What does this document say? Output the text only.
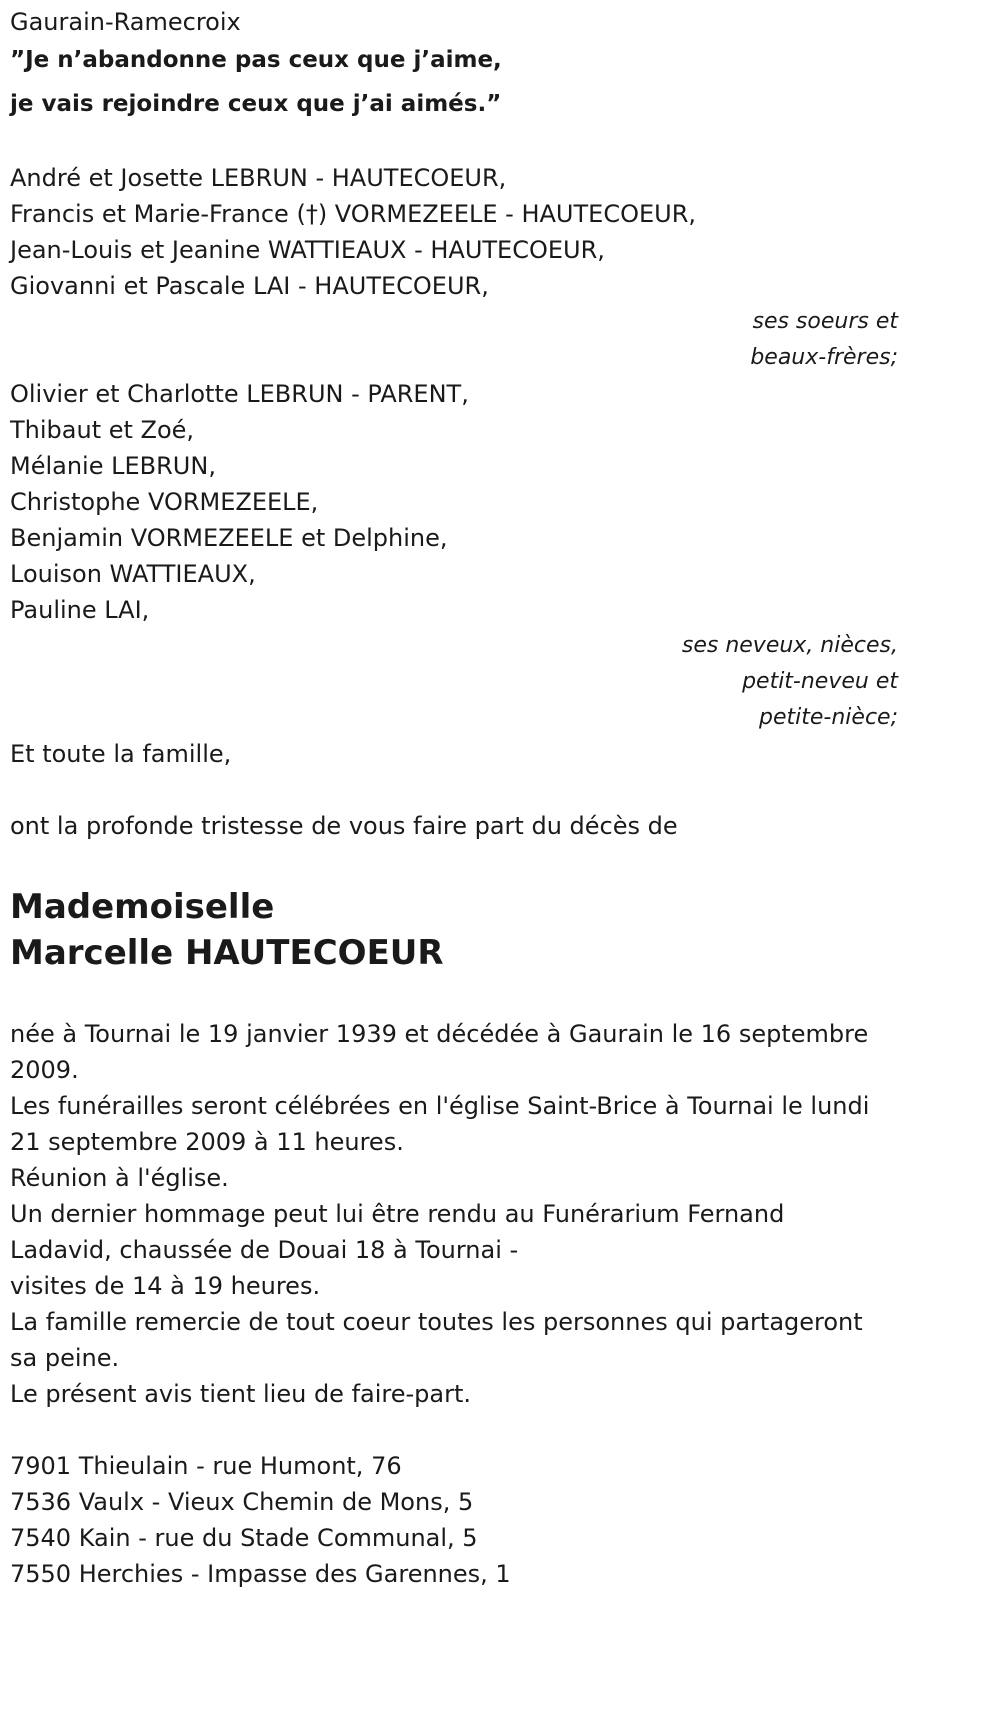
Gaurain-Ramecroix

”Je n’abandonne pas ceux que j’aime,

je vais rejoindre ceux que j’ai aimés.”

André et Josette LEBRUN - HAUTECOEUR,

Francis et Marie-France (†) VORMEZEELE - HAUTECOEUR,

Jean-Louis et Jeanine WATTIEAUX - HAUTECOEUR,

Giovanni et Pascale LAI - HAUTECOEUR,

ses soeurs et

beaux-frères;

Olivier et Charlotte LEBRUN - PARENT,

Thibaut et Zoé,

Mélanie LEBRUN,

Christophe VORMEZEELE,

Benjamin VORMEZEELE et Delphine,

Louison WATTIEAUX,

Pauline LAI,

ses neveux, nièces,

petit-neveu et

petite-nièce;

Et toute la famille,

ont la profonde tristesse de vous faire part du décès de

Mademoiselle

Marcelle HAUTECOEUR

née à Tournai le 19 janvier 1939 et décédée à Gaurain le 16 septembre

2009.

Les funérailles seront célébrées en l'église Saint-Brice à Tournai le lundi

21 septembre 2009 à 11 heures.

Réunion à l'église.

Un dernier hommage peut lui être rendu au Funérarium Fernand

Ladavid, chaussée de Douai 18 à Tournai -

visites de 14 à 19 heures.

La famille remercie de tout coeur toutes les personnes qui partageront

sa peine.

Le présent avis tient lieu de faire-part.

7901 Thieulain - rue Humont, 76

7536 Vaulx - Vieux Chemin de Mons, 5

7540 Kain - rue du Stade Communal, 5

7550 Herchies - Impasse des Garennes, 1
